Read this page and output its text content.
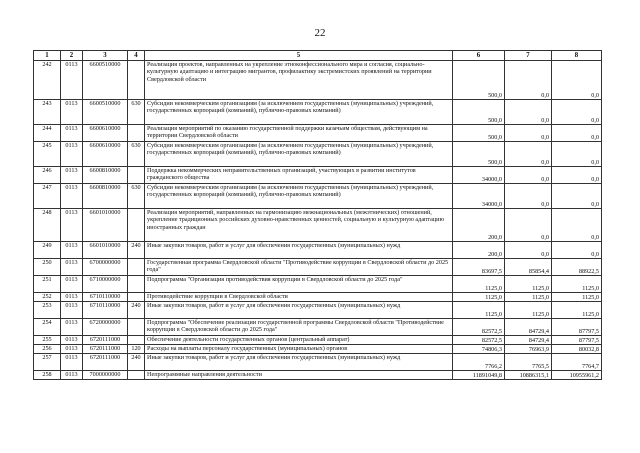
22
1	2	3	4	5	6	7	8
242	0113	6600510000		Реализация проектов, направленных на укрепление этноконфессионального мира и согласия, социально-культурную адаптацию и интеграцию мигрантов, профилактику экстремистских проявлений на территории Свердловской области	500,0	0,0	0,0
243	0113	6600510000	630	Субсидии некоммерческим организациям (за исключением государственных (муниципальных) учреждений, государственных корпораций (компаний), публично-правовых компаний)	500,0	0,0	0,0
244	0113	6600610000		Реализация мероприятий по оказанию государственной поддержки казачьим обществам, действующим на территории Свердловской области	500,0	0,0	0,0
245	0113	6600610000	630	Субсидии некоммерческим организациям (за исключением государственных (муниципальных) учреждений, государственных корпораций (компаний), публично-правовых компаний)	500,0	0,0	0,0
246	0113	6600810000		Поддержка некоммерческих неправительственных организаций, участвующих в развитии институтов гражданского общества	34000,0	0,0	0,0
247	0113	6600810000	630	Субсидии некоммерческим организациям (за исключением государственных (муниципальных) учреждений, государственных корпораций (компаний), публично-правовых компаний)	34000,0	0,0	0,0
248	0113	6601010000		Реализация мероприятий, направленных на гармонизацию межнациональных (межэтнических) отношений, укрепление традиционных российских духовно-нравственных ценностей, социальную и культурную адаптацию иностранных граждан	200,0	0,0	0,0
249	0113	6601010000	240	Иные закупки товаров, работ и услуг для обеспечения государственных (муниципальных) нужд	200,0	0,0	0,0
250	0113	6700000000		Государственная программа Свердловской области "Противодействие коррупции в Свердловской области до 2025 года"	83697,5	85854,4	88922,5
251	0113	6710000000		Подпрограмма "Организация противодействия коррупции в Свердловской области до 2025 года"	1125,0	1125,0	1125,0
252	0113	6710110000		Противодействие коррупции в Свердловской области	1125,0	1125,0	1125,0
253	0113	6710110000	240	Иные закупки товаров, работ и услуг для обеспечения государственных (муниципальных) нужд	1125,0	1125,0	1125,0
254	0113	6720000000		Подпрограмма "Обеспечение реализации государственной программы Свердловской области "Противодействие коррупции в Свердловской области до 2025 года"	82572,5	84729,4	87797,5
255	0113	6720111000		Обеспечение деятельности государственных органов (центральный аппарат)	82572,5	84729,4	87797,5
256	0113	6720111000	120	Расходы на выплаты персоналу государственных (муниципальных) органов	74806,3	76963,9	80032,8
257	0113	6720111000	240	Иные закупки товаров, работ и услуг для обеспечения государственных (муниципальных) нужд	7766,2	7765,5	7764,7
258	0113	7000000000		Непрограммные направления деятельности	11891049,8	10886315,1	10955961,2
